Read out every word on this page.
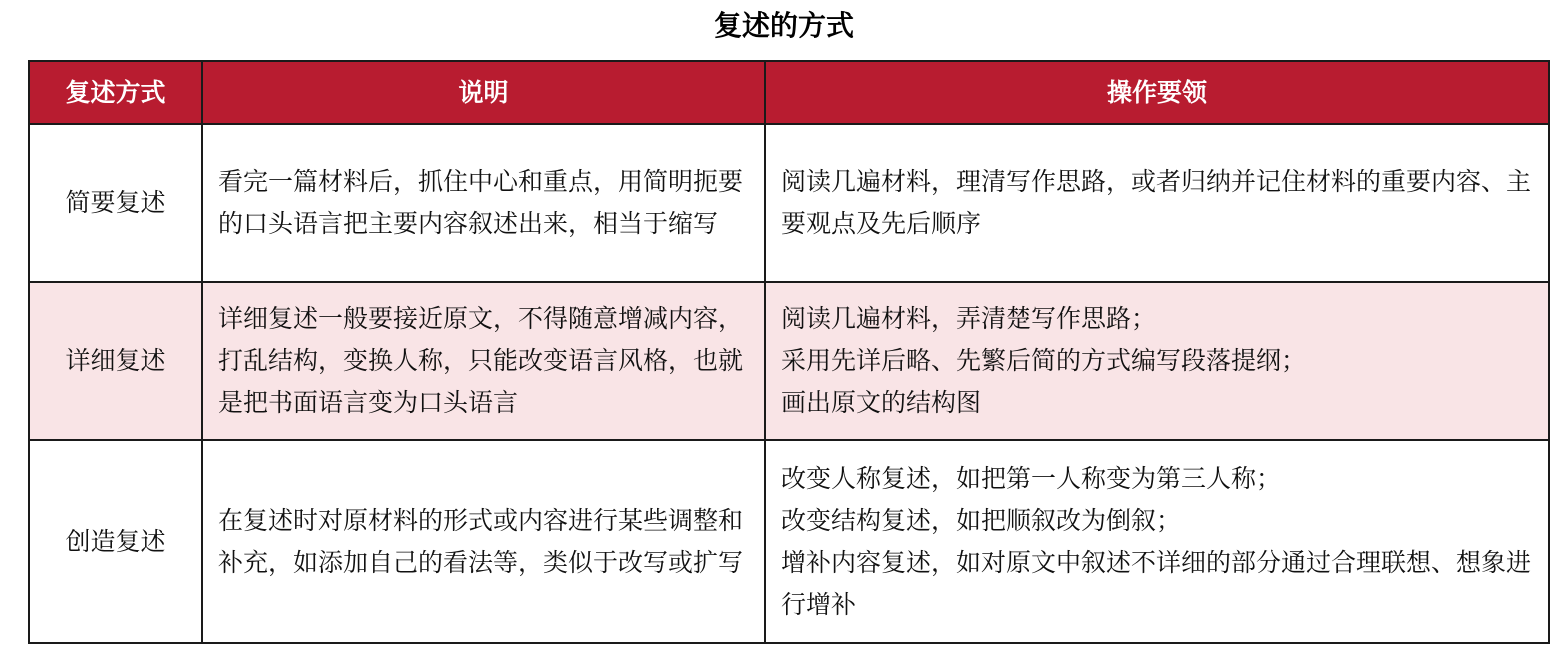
复述的方式
复述方式	说明	操作要领
简要复述	看完一篇材料后，抓住中心和重点，用简明扼要的口头语言把主要内容叙述出来，相当于缩写	阅读几遍材料，理清写作思路，或者归纳并记住材料的重要内容、主要观点及先后顺序

详细复述	详细复述一般要接近原文，不得随意增减内容，打乱结构，变换人称，只能改变语言风格，也就是把书面语言变为口头语言	阅读几遍材料，弄清楚写作思路；
采用先详后略、先繁后简的方式编写段落提纲；
画出原文的结构图

创造复述	在复述时对原材料的形式或内容进行某些调整和补充，如添加自己的看法等，类似于改写或扩写	改变人称复述，如把第一人称变为第三人称；
改变结构复述，如把顺叙改为倒叙；
增补内容复述，如对原文中叙述不详细的部分通过合理联想、想象进行增补
